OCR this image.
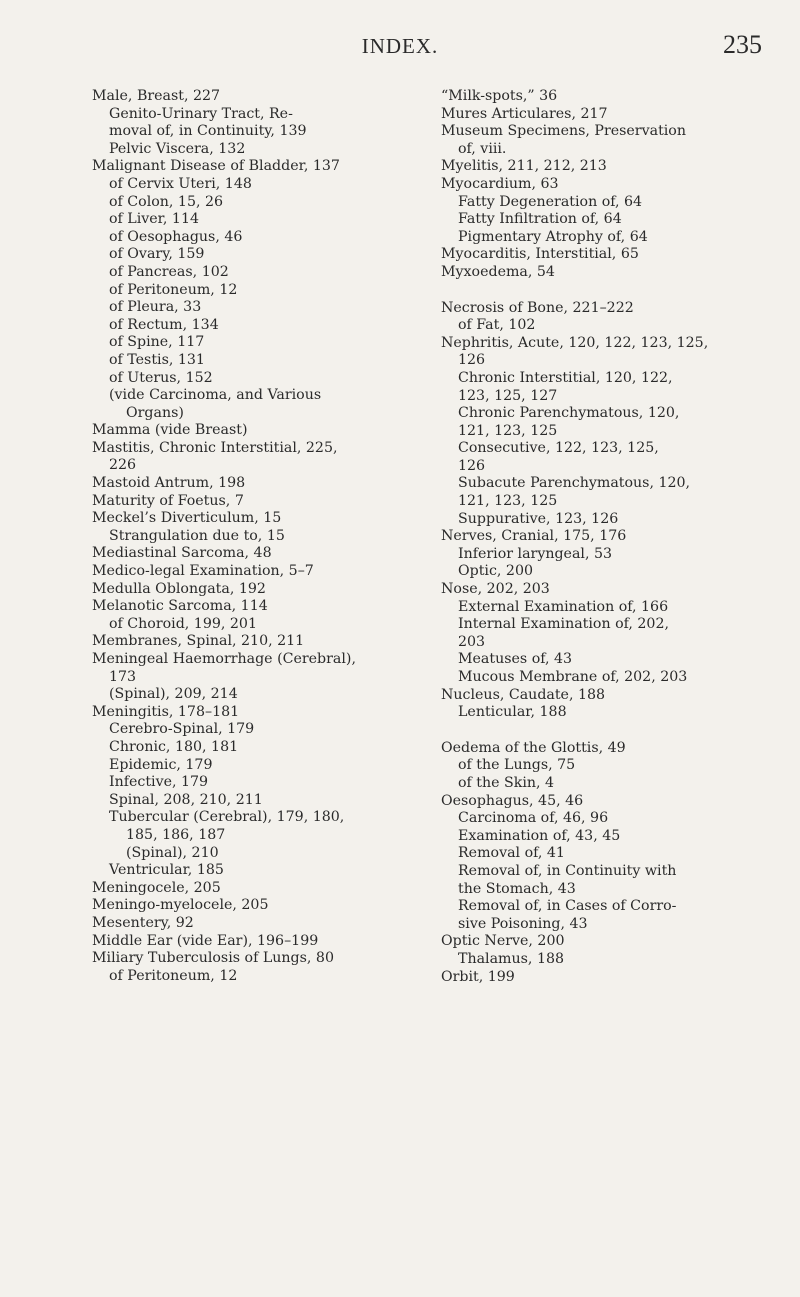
INDEX.	235
Male, Breast, 227
Genito-Urinary Tract, Re-
moval of, in Continuity, 139
Pelvic Viscera, 132
Malignant Disease of Bladder, 137
of Cervix Uteri, 148
of Colon, 15, 26
of Liver, 114
of Oesophagus, 46
of Ovary, 159
of Pancreas, 102
of Peritoneum, 12
of Pleura, 33
of Rectum, 134
of Spine, 117
of Testis, 131
of Uterus, 152
(vide Carcinoma, and Various
Organs)
Mamma (vide Breast)
Mastitis, Chronic Interstitial, 225,
226
Mastoid Antrum, 198
Maturity of Foetus, 7
Meckel’s Diverticulum, 15
Strangulation due to, 15
Mediastinal Sarcoma, 48
Medico-legal Examination, 5–7
Medulla Oblongata, 192
Melanotic Sarcoma, 114
of Choroid, 199, 201
Membranes, Spinal, 210, 211
Meningeal Haemorrhage (Cerebral),
173
(Spinal), 209, 214
Meningitis, 178–181
Cerebro-Spinal, 179
Chronic, 180, 181
Epidemic, 179
Infective, 179
Spinal, 208, 210, 211
Tubercular (Cerebral), 179, 180,
185, 186, 187
(Spinal), 210
Ventricular, 185
Meningocele, 205
Meningo-myelocele, 205
Mesentery, 92
Middle Ear (vide Ear), 196–199
Miliary Tuberculosis of Lungs, 80
of Peritoneum, 12
“Milk-spots,” 36
Mures Articulares, 217
Museum Specimens, Preservation
of, viii.
Myelitis, 211, 212, 213
Myocardium, 63
Fatty Degeneration of, 64
Fatty Infiltration of, 64
Pigmentary Atrophy of, 64
Myocarditis, Interstitial, 65
Myxoedema, 54
Necrosis of Bone, 221–222
of Fat, 102
Nephritis, Acute, 120, 122, 123, 125,
126
Chronic Interstitial, 120, 122,
123, 125, 127
Chronic Parenchymatous, 120,
121, 123, 125
Consecutive, 122, 123, 125,
126
Subacute Parenchymatous, 120,
121, 123, 125
Suppurative, 123, 126
Nerves, Cranial, 175, 176
Inferior laryngeal, 53
Optic, 200
Nose, 202, 203
External Examination of, 166
Internal Examination of, 202,
203
Meatuses of, 43
Mucous Membrane of, 202, 203
Nucleus, Caudate, 188
Lenticular, 188
Oedema of the Glottis, 49
of the Lungs, 75
of the Skin, 4
Oesophagus, 45, 46
Carcinoma of, 46, 96
Examination of, 43, 45
Removal of, 41
Removal of, in Continuity with
the Stomach, 43
Removal of, in Cases of Corro-
sive Poisoning, 43
Optic Nerve, 200
Thalamus, 188
Orbit, 199
